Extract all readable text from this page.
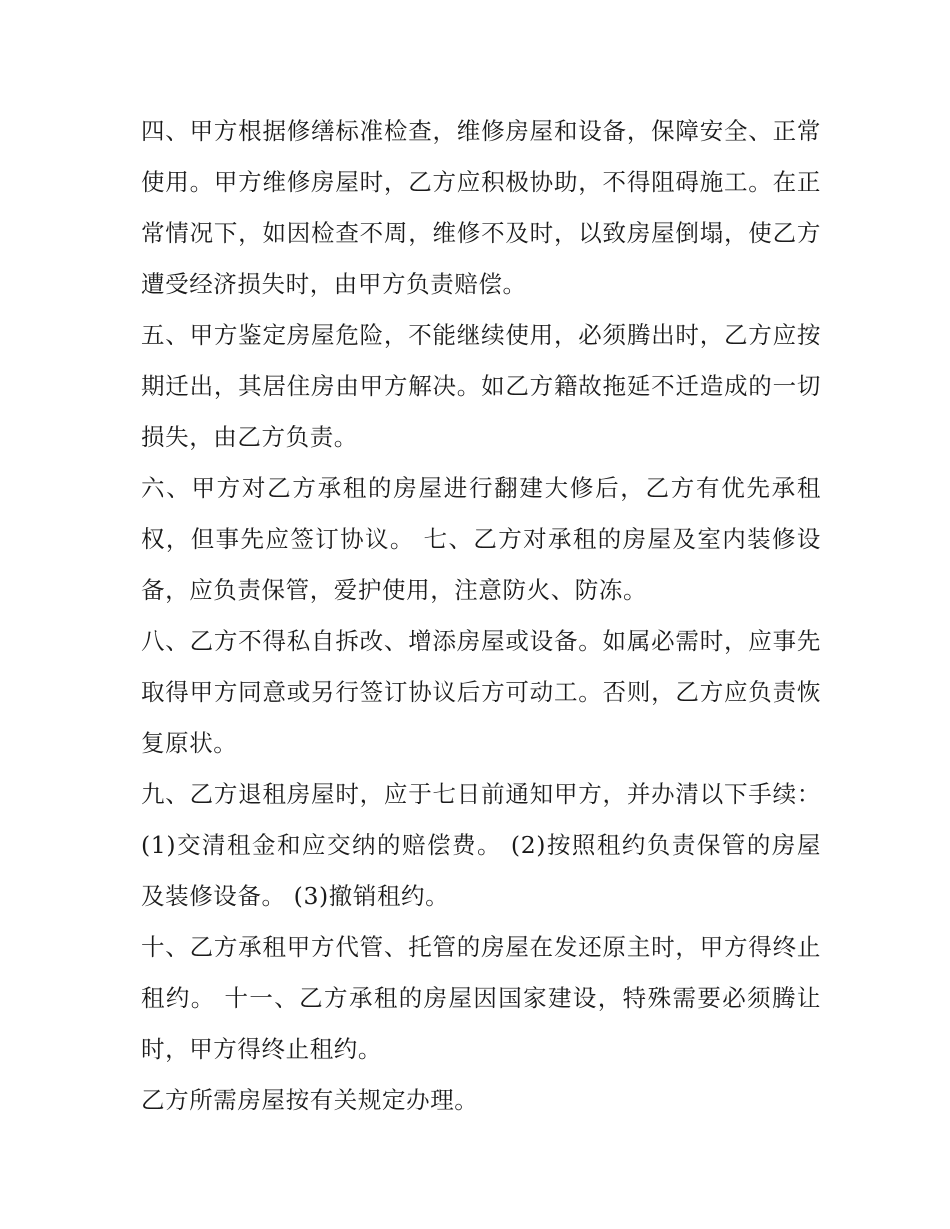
四、甲方根据修缮标准检查，维修房屋和设备，保障安全、正常使用。甲方维修房屋时，乙方应积极协助，不得阻碍施工。在正常情况下，如因检查不周，维修不及时，以致房屋倒塌，使乙方遭受经济损失时，由甲方负责赔偿。

五、甲方鉴定房屋危险，不能继续使用，必须腾出时，乙方应按期迁出，其居住房由甲方解决。如乙方籍故拖延不迁造成的一切损失，由乙方负责。

六、甲方对乙方承租的房屋进行翻建大修后，乙方有优先承租权，但事先应签订协议。 七、乙方对承租的房屋及室内装修设备，应负责保管，爱护使用，注意防火、防冻。

八、乙方不得私自拆改、增添房屋或设备。如属必需时，应事先取得甲方同意或另行签订协议后方可动工。否则，乙方应负责恢复原状。

九、乙方退租房屋时，应于七日前通知甲方，并办清以下手续： (1)交清租金和应交纳的赔偿费。 (2)按照租约负责保管的房屋及装修设备。 (3)撤销租约。

十、乙方承租甲方代管、托管的房屋在发还原主时，甲方得终止租约。 十一、乙方承租的房屋因国家建设，特殊需要必须腾让时，甲方得终止租约。

乙方所需房屋按有关规定办理。
